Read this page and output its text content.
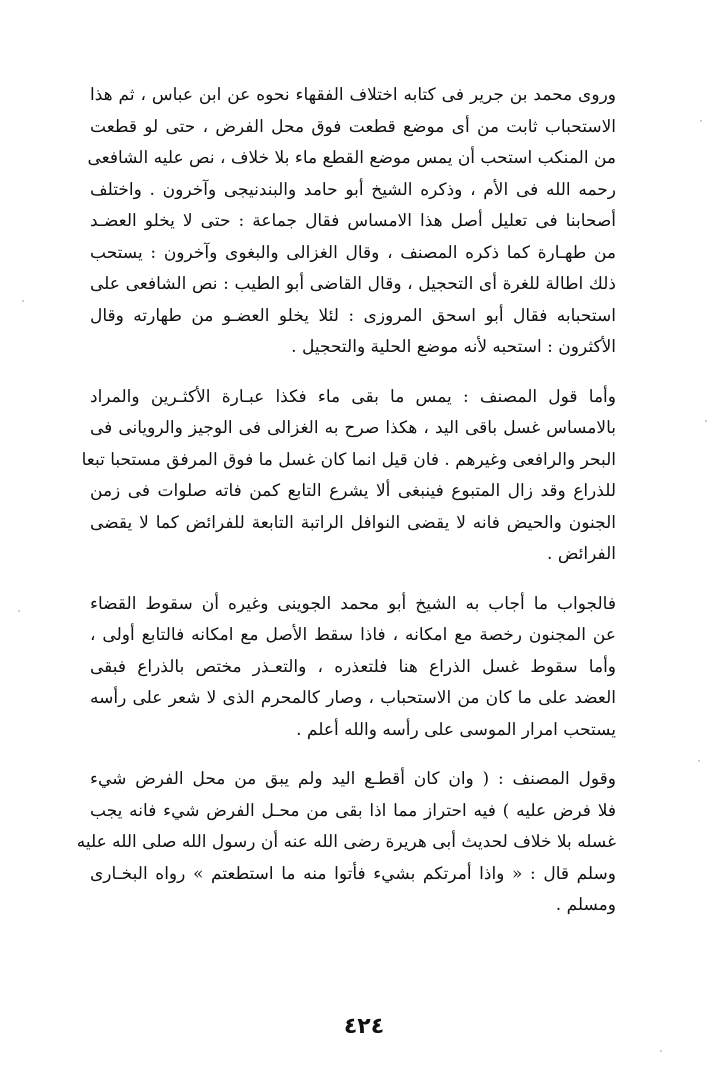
وروى محمد بن جرير فى كتابه اختلاف الفقهاء نحوه عن ابن عباس ، ثم هذا
الاستحباب ثابت من أى موضع قطعت فوق محل الفرض ، حتى لو قطعت
من المنكب استحب أن يمس موضع القطع ماء بلا خلاف ، نص عليه الشافعى
رحمه الله فى الأم ، وذكره الشيخ أبو حامد والبندنيجى وآخرون . واختلف
أصحابنا فى تعليل أصل هذا الامساس فقال جماعة : حتى لا يخلو العضـد
من طهـارة كما ذكره المصنف ، وقال الغزالى والبغوى وآخرون : يستحب
ذلك اطالة للغرة أى التحجيل ، وقال القاضى أبو الطيب : نص الشافعى على
استحبابه فقال أبو اسحق المروزى : لئلا يخلو العضـو من طهارته وقال
الأكثرون : استحبه لأنه موضع الحلية والتحجيل .

وأما قول المصنف : يمس ما بقى ماء فكذا عبـارة الأكثـرين والمراد
بالامساس غسل باقى اليد ، هكذا صرح به الغزالى فى الوجيز والرويانى فى
البحر والرافعى وغيرهم . فان قيل انما كان غسل ما فوق المرفق مستحبا تبعا
للذراع وقد زال المتبوع فينبغى ألا يشرع التابع كمن فاته صلوات فى زمن
الجنون والحيض فانه لا يقضى النوافل الراتبة التابعة للفرائض كما لا يقضى
الفرائض .

فالجواب ما أجاب به الشيخ أبو محمد الجوينى وغيره أن سقوط القضاء
عن المجنون رخصة مع امكانه ، فاذا سقط الأصل مع امكانه فالتابع أولى ،
وأما سقوط غسل الذراع هنا فلتعذره ، والتعـذر مختص بالذراع فبقى
العضد على ما كان من الاستحباب ، وصار كالمحرم الذى لا شعر على رأسه
يستحب امرار الموسى على رأسه والله أعلم .

وقول المصنف : ( وان كان أقطـع اليد ولم يبق من محل الفرض شيء
فلا فرض عليه ) فيه احتراز مما اذا بقى من محـل الفرض شيء فانه يجب
غسله بلا خلاف لحديث أبى هريرة رضى الله عنه أن رسول الله صلى الله عليه
وسلم قال : « واذا أمرتكم بشيء فأتوا منه ما استطعتم » رواه البخـارى
ومسلم .

٤٢٤
